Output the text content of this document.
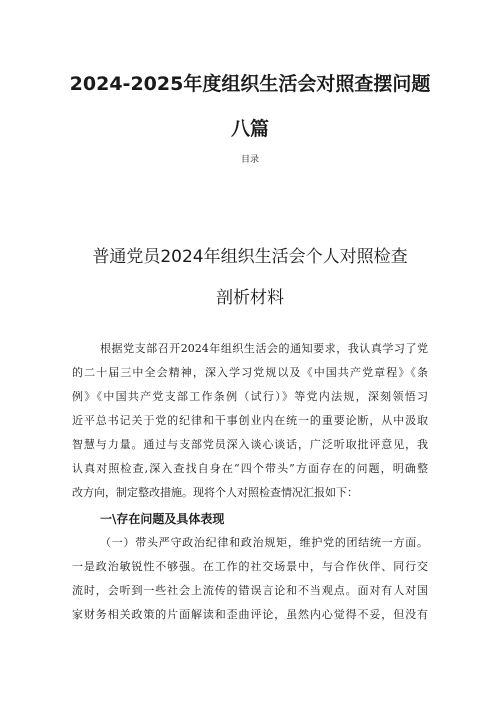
2024-2025年度组织生活会对照查摆问题
八篇
目录
普通党员2024年组织生活会个人对照检查
剖析材料

根据党支部召开2024年组织生活会的通知要求，我认真学习了党

的二十届三中全会精神，深入学习党规以及《中国共产党章程》《条

例》《中国共产党支部工作条例（试行）》等党内法规，深刻领悟习

近平总书记关于党的纪律和干事创业内在统一的重要论断，从中汲取

智慧与力量。通过与支部党员深入谈心谈话，广泛听取批评意见，我

认真对照检查,深入查找自身在“四个带头”方面存在的问题，明确整

改方向，制定整改措施。现将个人对照检查情况汇报如下：

一\存在问题及具体表现

（一）带头严守政治纪律和政治规矩，维护党的团结统一方面。

一是政治敏锐性不够强。在工作的社交场景中，与合作伙伴、同行交

流时，会听到一些社会上流传的错误言论和不当观点。面对有人对国

家财务相关政策的片面解读和歪曲评论，虽然内心觉得不妥，但没有
